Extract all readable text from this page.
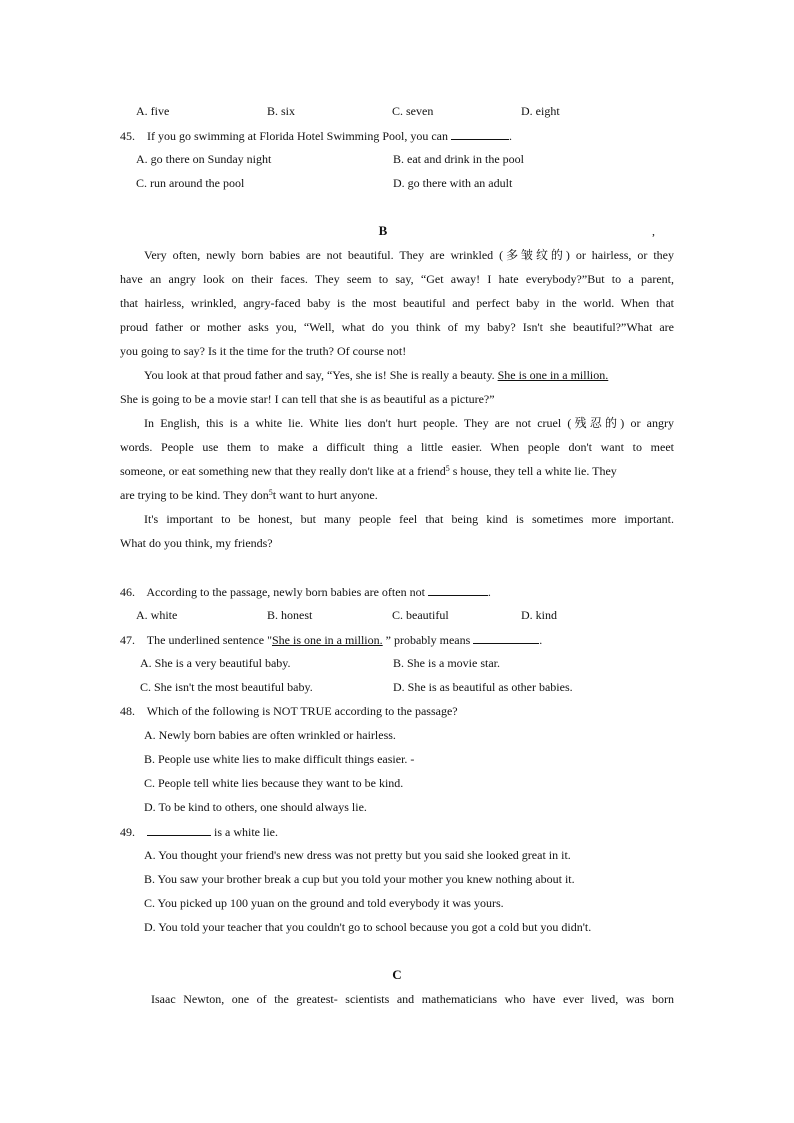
A. five	B. six	C. seven	D. eight
45. If you go swimming at Florida Hotel Swimming Pool, you can	.
A. go there on Sunday night	B. eat and drink in the pool
C. run around the pool	D. go there with an adult
B	,
Very often, newly born babies are not beautiful. They are wrinkled (多皱纹的) or hairless, or they
have an angry look on their faces. They seem to say, “Get away! I hate everybody?”But to a parent,
that hairless, wrinkled, angry-faced baby is the most beautiful and perfect baby in the world. When that
proud father or mother asks you, “Well, what do you think of my baby? Isn't she beautiful?”What are
you going to say? Is it the time for the truth? Of course not!
You look at that proud father and say, “Yes, she is! She is really a beauty. She is one in a million.
She is going to be a movie star! I can tell that she is as beautiful as a picture?”
In English, this is a white lie. White lies don't hurt people. They are not cruel (残忍的) or angry
words. People use them to make a difficult thing a little easier. When people don't want to meet
someone, or eat something new that they really don't like at a friend$^5$ s house, they tell a white lie. They
are trying to be kind. They don$^5$t want to hurt anyone.
It's important to be honest, but many people feel that being kind is sometimes more important.
What do you think, my friends?
46. According to the passage, newly born babies are often not	.
A. white	B. honest	C. beautiful	D. kind
47. The underlined sentence "She is one in a million. ” probably means	.
A. She is a very beautiful baby.	B. She is a movie star.
C. She isn't the most beautiful baby.	D. She is as beautiful as other babies.
48. Which of the following is NOT TRUE according to the passage?
A. Newly born babies are often wrinkled or hairless.
B. People use white lies to make difficult things easier. -
C. People tell white lies because they want to be kind.
D. To be kind to others, one should always lie.
49.	is a white lie.
A. You thought your friend's new dress was not pretty but you said she looked great in it.
B. You saw your brother break a cup but you told your mother you knew nothing about it.
C. You picked up 100 yuan on the ground and told everybody it was yours.
D. You told your teacher that you couldn't go to school because you got a cold but you didn't.
C
Isaac Newton, one of the greatest- scientists and mathematicians who have ever lived, was born
